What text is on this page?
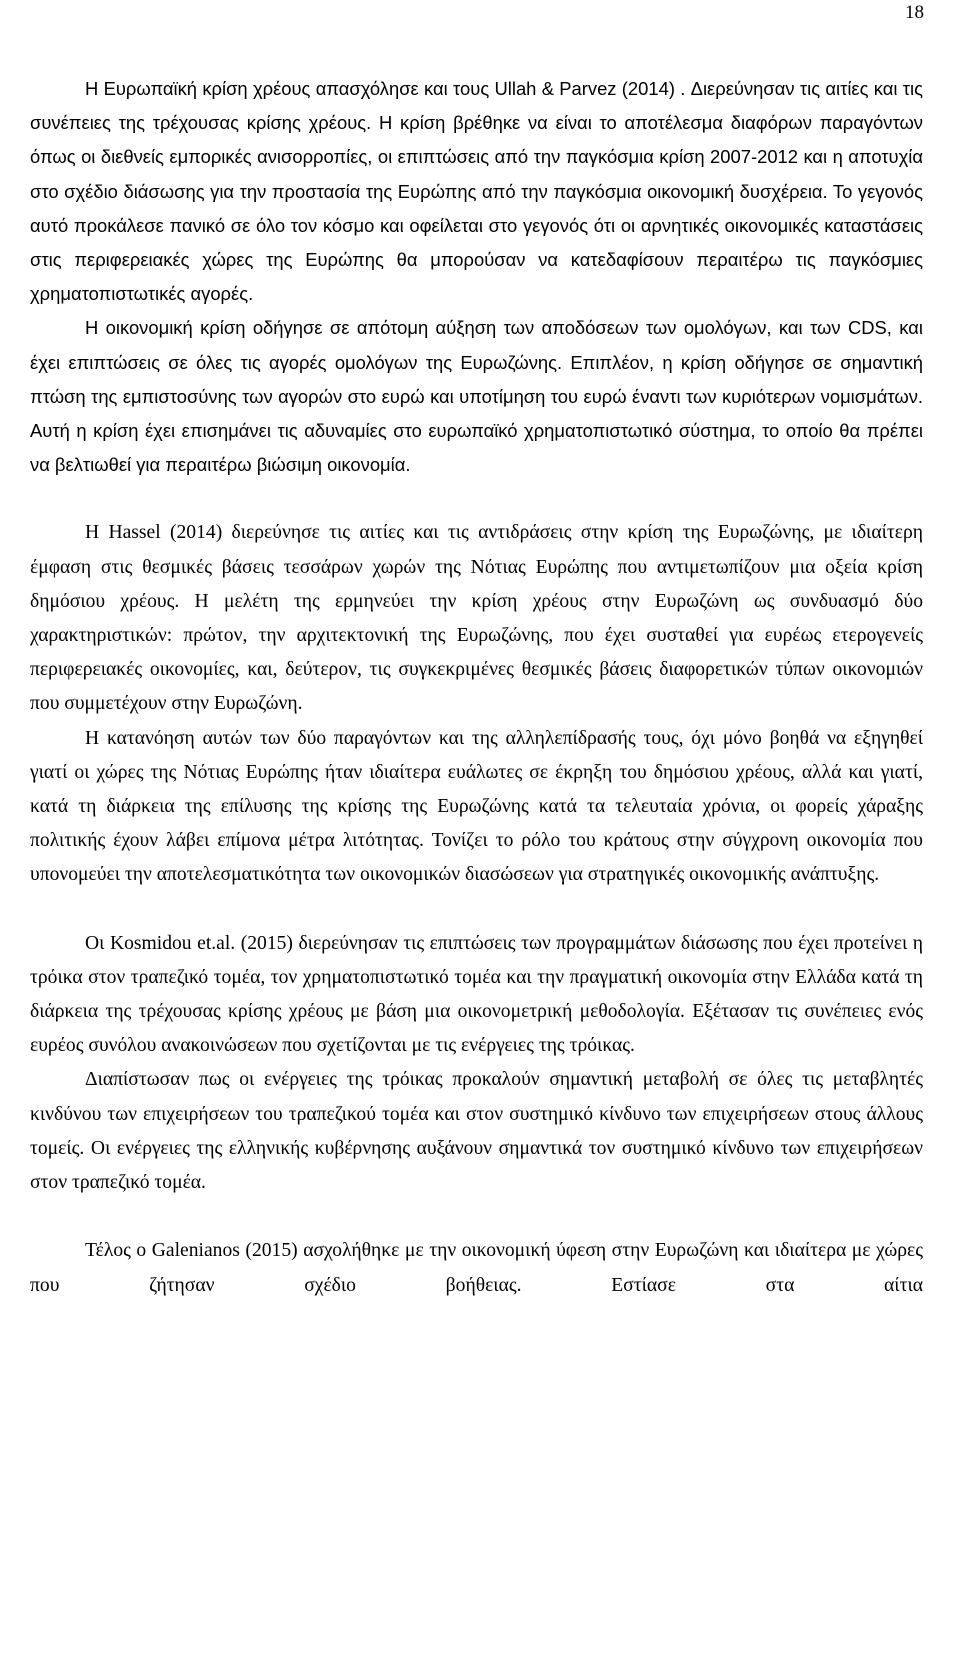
18

Η Ευρωπαϊκή κρίση χρέους απασχόλησε και τους Ullah & Parvez (2014) . Διερεύνησαν τις αιτίες και τις συνέπειες της τρέχουσας κρίσης χρέους. Η κρίση βρέθηκε να είναι το αποτέλεσμα διαφόρων παραγόντων όπως οι διεθνείς εμπορικές ανισορροπίες, οι επιπτώσεις από την παγκόσμια κρίση 2007-2012 και η αποτυχία στο σχέδιο διάσωσης για την προστασία της Ευρώπης από την παγκόσμια οικονομική δυσχέρεια. Το γεγονός αυτό προκάλεσε πανικό σε όλο τον κόσμο και οφείλεται στο γεγονός ότι οι αρνητικές οικονομικές καταστάσεις στις περιφερειακές χώρες της Ευρώπης θα μπορούσαν να κατεδαφίσουν περαιτέρω τις παγκόσμιες χρηματοπιστωτικές αγορές.

Η οικονομική κρίση οδήγησε σε απότομη αύξηση των αποδόσεων των ομολόγων, και των CDS, και έχει επιπτώσεις σε όλες τις αγορές ομολόγων της Ευρωζώνης. Επιπλέον, η κρίση οδήγησε σε σημαντική πτώση της εμπιστοσύνης των αγορών στο ευρώ και υποτίμηση του ευρώ έναντι των κυριότερων νομισμάτων. Αυτή η κρίση έχει επισημάνει τις αδυναμίες στο ευρωπαϊκό χρηματοπιστωτικό σύστημα, το οποίο θα πρέπει να βελτιωθεί για περαιτέρω βιώσιμη οικονομία.

Η Hassel (2014) διερεύνησε τις αιτίες και τις αντιδράσεις στην κρίση της Ευρωζώνης, με ιδιαίτερη έμφαση στις θεσμικές βάσεις τεσσάρων χωρών της Νότιας Ευρώπης που αντιμετωπίζουν μια οξεία κρίση δημόσιου χρέους. Η μελέτη της ερμηνεύει την κρίση χρέους στην Ευρωζώνη ως συνδυασμό δύο χαρακτηριστικών: πρώτον, την αρχιτεκτονική της Ευρωζώνης, που έχει συσταθεί για ευρέως ετερογενείς περιφερειακές οικονομίες, και, δεύτερον, τις συγκεκριμένες θεσμικές βάσεις διαφορετικών τύπων οικονομιών που συμμετέχουν στην Ευρωζώνη.

Η κατανόηση αυτών των δύο παραγόντων και της αλληλεπίδρασής τους, όχι μόνο βοηθά να εξηγηθεί γιατί οι χώρες της Νότιας Ευρώπης ήταν ιδιαίτερα ευάλωτες σε έκρηξη του δημόσιου χρέους, αλλά και γιατί, κατά τη διάρκεια της επίλυσης της κρίσης της Ευρωζώνης κατά τα τελευταία χρόνια, οι φορείς χάραξης πολιτικής έχουν λάβει επίμονα μέτρα λιτότητας. Τονίζει το ρόλο του κράτους στην σύγχρονη οικονομία που υπονομεύει την αποτελεσματικότητα των οικονομικών διασώσεων για στρατηγικές οικονομικής ανάπτυξης.

Οι Kosmidou et.al. (2015) διερεύνησαν τις επιπτώσεις των προγραμμάτων διάσωσης που έχει προτείνει η τρόικα στον τραπεζικό τομέα, τον χρηματοπιστωτικό τομέα και την πραγματική οικονομία στην Ελλάδα κατά τη διάρκεια της τρέχουσας κρίσης χρέους με βάση μια οικονομετρική μεθοδολογία. Εξέτασαν τις συνέπειες ενός ευρέος συνόλου ανακοινώσεων που σχετίζονται με τις ενέργειες της τρόικας.

Διαπίστωσαν πως οι ενέργειες της τρόικας προκαλούν σημαντική μεταβολή σε όλες τις μεταβλητές κινδύνου των επιχειρήσεων του τραπεζικού τομέα και στον συστημικό κίνδυνο των επιχειρήσεων στους άλλους τομείς. Οι ενέργειες της ελληνικής κυβέρνησης αυξάνουν σημαντικά τον συστημικό κίνδυνο των επιχειρήσεων στον τραπεζικό τομέα.

Τέλος ο Galenianos (2015) ασχολήθηκε με την οικονομική ύφεση στην Ευρωζώνη και ιδιαίτερα με χώρες που ζήτησαν σχέδιο βοήθειας. Εστίασε στα αίτια
